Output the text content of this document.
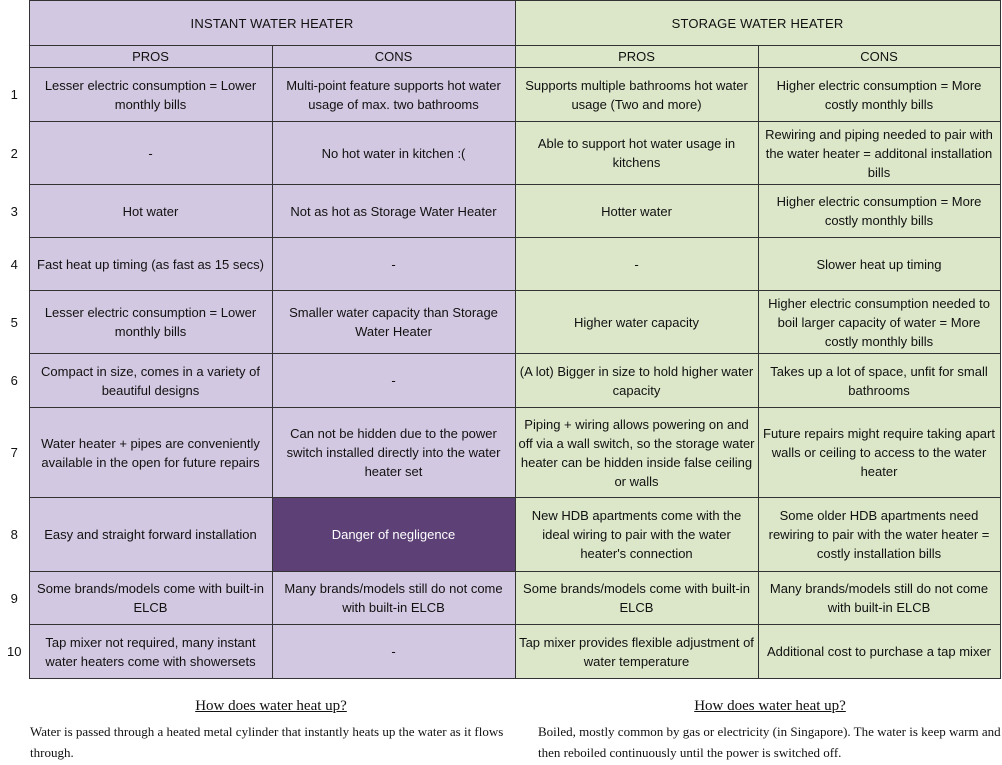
	INSTANT WATER HEATER		STORAGE WATER HEATER	
	PROS	CONS	PROS	CONS
1	Lesser electric consumption = Lower monthly bills	Multi-point feature supports hot water usage of max. two bathrooms	Supports multiple bathrooms hot water usage (Two and more)	Higher electric consumption = More costly monthly bills
2	-	No hot water in kitchen :(	Able to support hot water usage in kitchens	Rewiring and piping needed to pair with the water heater = additonal installation bills
3	Hot water	Not as hot as Storage Water Heater	Hotter water	Higher electric consumption = More costly monthly bills
4	Fast heat up timing (as fast as 15 secs)	-	-	Slower heat up timing
5	Lesser electric consumption = Lower monthly bills	Smaller water capacity than Storage Water Heater	Higher water capacity	Higher electric consumption needed to boil larger capacity of water = More costly monthly bills
6	Compact in size, comes in a variety of beautiful designs	-	(A lot) Bigger in size to hold higher water capacity	Takes up a lot of space, unfit for small bathrooms
7	Water heater + pipes are conveniently available in the open for future repairs	Can not be hidden due to the power switch installed directly into the water heater set	Piping + wiring allows powering on and off via a wall switch, so the storage water heater can be hidden inside false ceiling or walls	Future repairs might require taking apart walls or ceiling to access to the water heater
8	Easy and straight forward installation	Danger of negligence	New HDB apartments come with the ideal wiring to pair with the water heater's connection	Some older HDB apartments need rewiring to pair with the water heater = costly installation bills
9	Some brands/models come with built-in ELCB	Many brands/models still do not come with built-in ELCB	Some brands/models come with built-in ELCB	Many brands/models still do not come with built-in ELCB
10	Tap mixer not required, many instant water heaters come with showersets	-	Tap mixer provides flexible adjustment of water temperature	Additional cost to purchase a tap mixer
How does water heat up?
Water is passed through a heated metal cylinder that instantly heats up the water as it flows through.
How does water heat up?
Boiled, mostly common by gas or electricity (in Singapore). The water is keep warm and then reboiled continuously until the power is switched off.
